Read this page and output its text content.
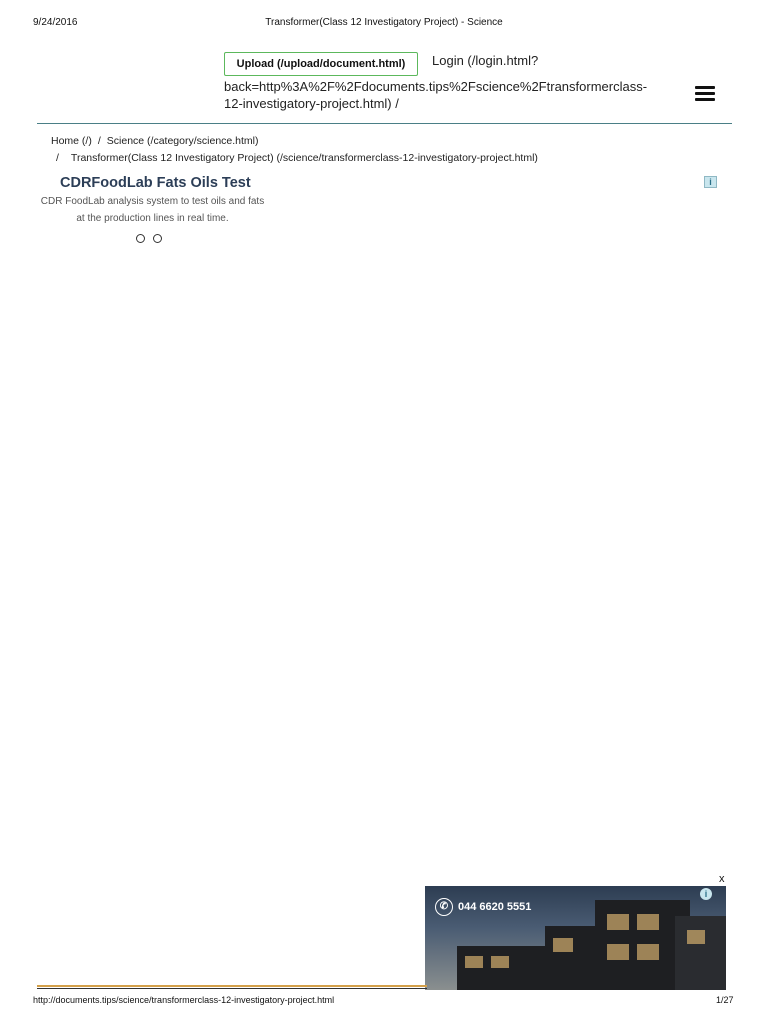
9/24/2016	Transformer(Class 12 Investigatory Project) - Science
Upload (/upload/document.html)	Login (/login.html?
back=http%3A%2F%2Fdocuments.tips%2Fscience%2Ftransformerclass-12-investigatory-project.html) /
Home (/) / Science (/category/science.html)
/ Transformer(Class 12 Investigatory Project) (/science/transformerclass-12-investigatory-project.html)
CDRFoodLab Fats Oils Test
CDR FoodLab analysis system to test oils and fats at the production lines in real time.
i
x
i
✆ 044 6620 5551
http://documents.tips/science/transformerclass-12-investigatory-project.html	1/27
